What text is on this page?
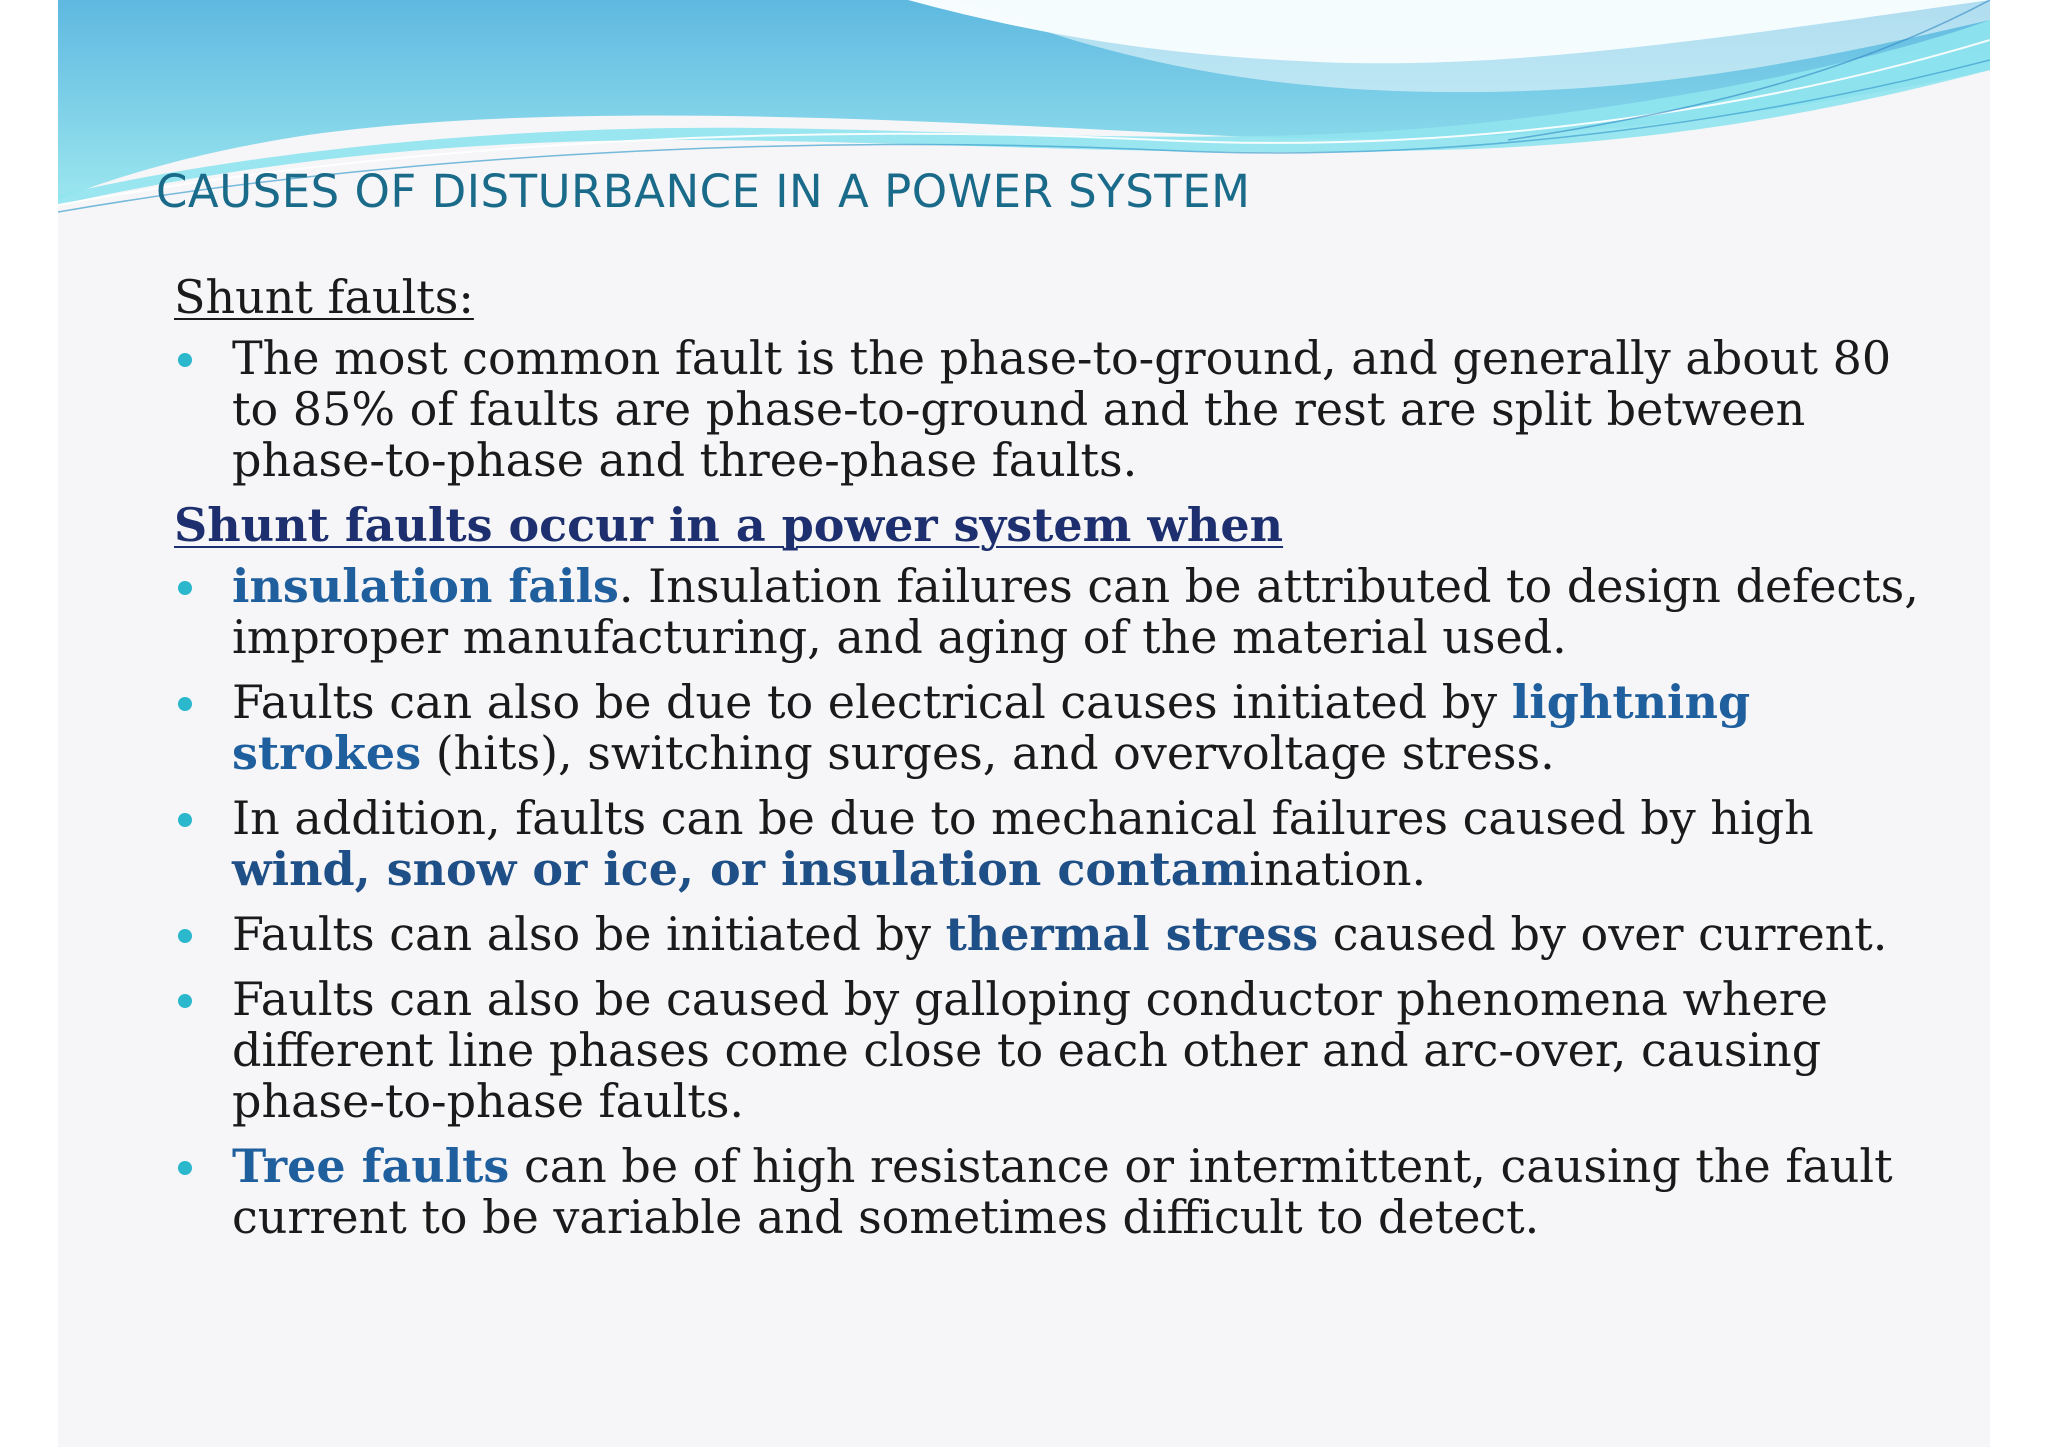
CAUSES OF DISTURBANCE IN A POWER SYSTEM

Shunt faults:

The most common fault is the phase-to-ground, and generally about 80 to 85% of faults are phase-to-ground and the rest are split between phase-to-phase and three-phase faults.

Shunt faults occur in a power system when

insulation fails. Insulation failures can be attributed to design defects, improper manufacturing, and aging of the material used.
Faults can also be due to electrical causes initiated by lightning strokes (hits), switching surges, and overvoltage stress.
In addition, faults can be due to mechanical failures caused by high wind, snow or ice, or insulation contamination.
Faults can also be initiated by thermal stress caused by over current.
Faults can also be caused by galloping conductor phenomena where different line phases come close to each other and arc-over, causing phase-to-phase faults.
Tree faults can be of high resistance or intermittent, causing the fault current to be variable and sometimes difficult to detect.
